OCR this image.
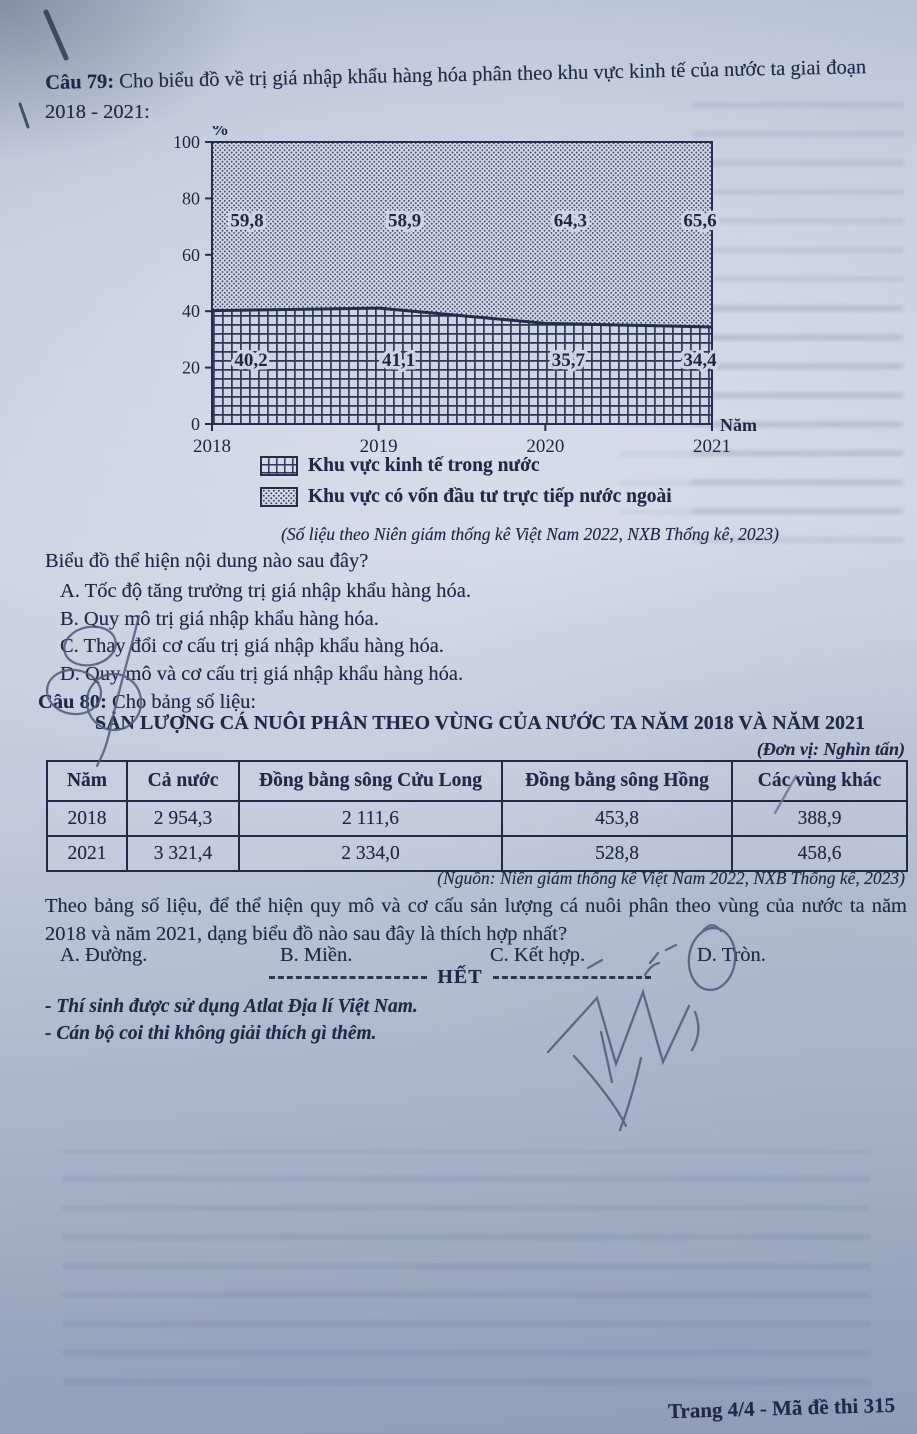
Câu 79: Cho biểu đồ về trị giá nhập khẩu hàng hóa phân theo khu vực kinh tế của nước ta giai đoạn
2018 - 2021:
0
20
40
60
80
100
%
2018	2019	2020	2021
Năm
59,8	58,9	64,3	65,6
40,2	41,1	35,7	34,4
Khu vực kinh tế trong nước
Khu vực có vốn đầu tư trực tiếp nước ngoài
(Số liệu theo Niên giám thống kê Việt Nam 2022, NXB Thống kê, 2023)
Biểu đồ thể hiện nội dung nào sau đây?
A. Tốc độ tăng trưởng trị giá nhập khẩu hàng hóa.
B. Quy mô trị giá nhập khẩu hàng hóa.
C. Thay đổi cơ cấu trị giá nhập khẩu hàng hóa.
D. Quy mô và cơ cấu trị giá nhập khẩu hàng hóa.
Câu 80: Cho bảng số liệu:
SẢN LƯỢNG CÁ NUÔI PHÂN THEO VÙNG CỦA NƯỚC TA NĂM 2018 VÀ NĂM 2021
(Đơn vị: Nghìn tấn)
Năm	Cả nước	Đồng bằng sông Cửu Long	Đồng bằng sông Hồng	Các vùng khác
2018	2 954,3	2 111,6	453,8	388,9
2021	3 321,4	2 334,0	528,8	458,6
(Nguồn: Niên giám thống kê Việt Nam 2022, NXB Thống kê, 2023)
Theo bảng số liệu, để thể hiện quy mô và cơ cấu sản lượng cá nuôi phân theo vùng của nước ta năm 2018 và năm 2021, dạng biểu đồ nào sau đây là thích hợp nhất?
A. Đường.	B. Miền.	C. Kết hợp.	D. Tròn.
HẾT
- Thí sinh được sử dụng Atlat Địa lí Việt Nam.
- Cán bộ coi thi không giải thích gì thêm.
Trang 4/4 - Mã đề thi 315
